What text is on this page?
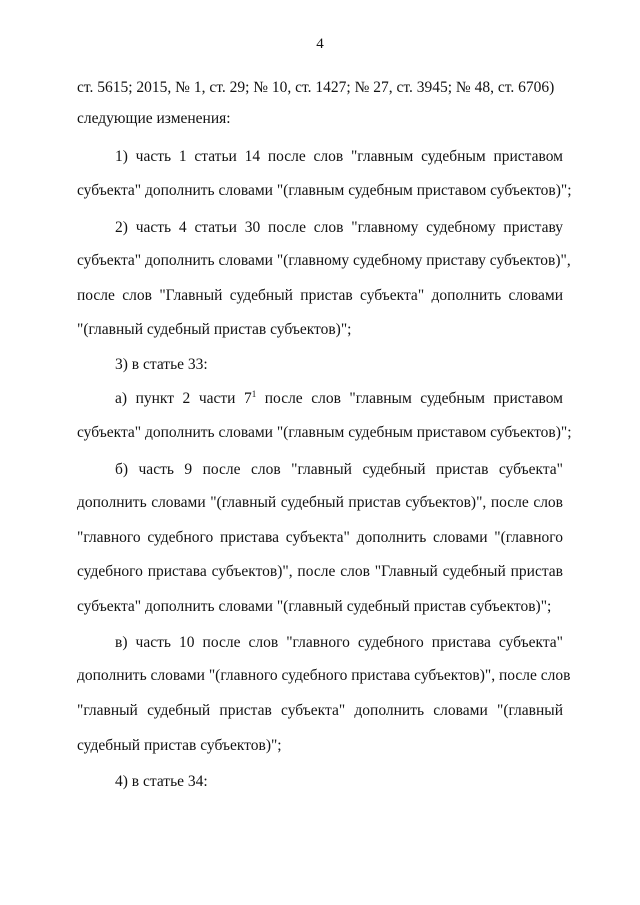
4
ст. 5615; 2015, № 1, ст. 29; № 10, ст. 1427; № 27, ст. 3945; № 48, ст. 6706)
следующие изменения:
1) часть 1 статьи 14 после слов "главным судебным приставом
субъекта" дополнить словами "(главным судебным приставом субъектов)";
2) часть 4 статьи 30 после слов "главному судебному приставу
субъекта" дополнить словами "(главному судебному приставу субъектов)",
после слов "Главный судебный пристав субъекта" дополнить словами
"(главный судебный пристав субъектов)";
3) в статье 33:
а) пункт 2 части $7^1$ после слов "главным судебным приставом
субъекта" дополнить словами "(главным судебным приставом субъектов)";
б) часть 9 после слов "главный судебный пристав субъекта"
дополнить словами "(главный судебный пристав субъектов)", после слов
"главного судебного пристава субъекта" дополнить словами "(главного
судебного пристава субъектов)", после слов "Главный судебный пристав
субъекта" дополнить словами "(главный судебный пристав субъектов)";
в) часть 10 после слов "главного судебного пристава субъекта"
дополнить словами "(главного судебного пристава субъектов)", после слов
"главный судебный пристав субъекта" дополнить словами "(главный
судебный пристав субъектов)";
4) в статье 34:
